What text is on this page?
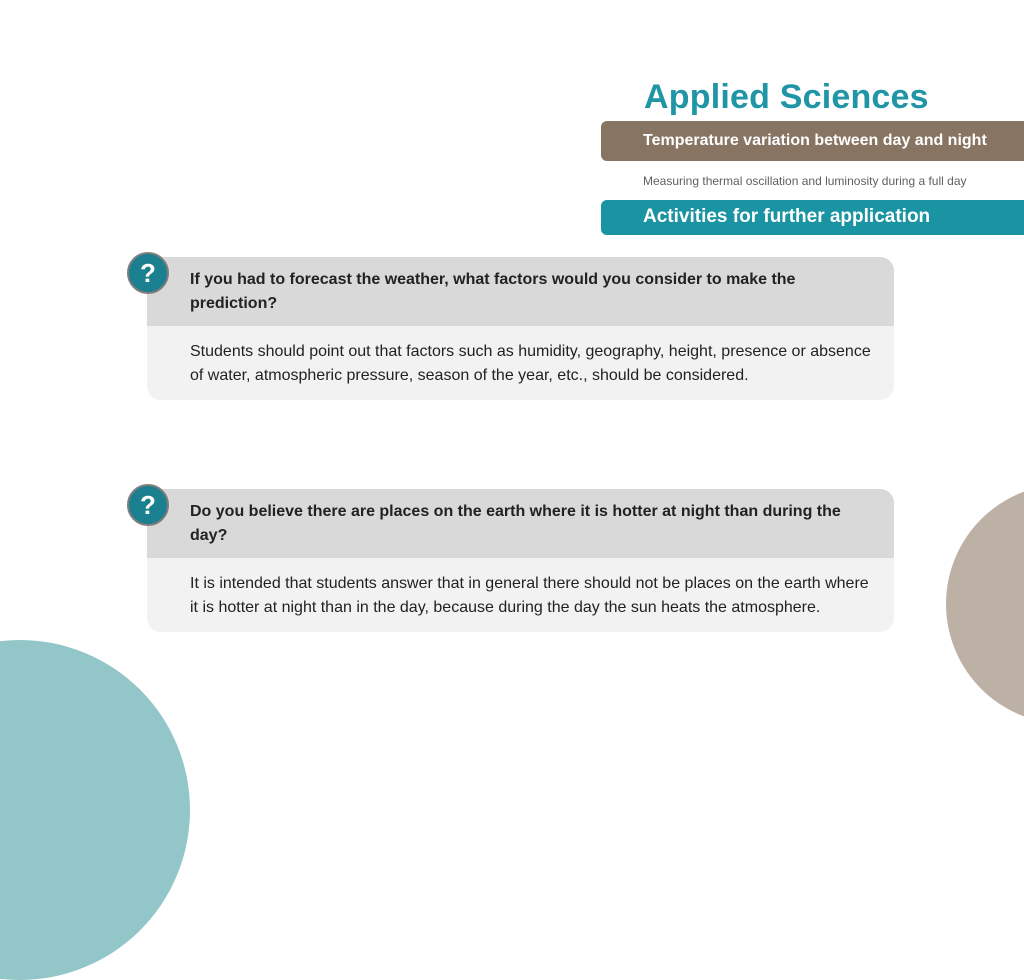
Applied Sciences
Temperature variation between day and night
Measuring thermal oscillation and luminosity during a full day
Activities for further application
?	If you had to forecast the weather, what factors would you consider to make the prediction?
Students should point out that factors such as humidity, geography, height, presence or absence of water, atmospheric pressure, season of the year, etc., should be considered.
?	Do you believe there are places on the earth where it is hotter at night than during the day?
It is intended that students answer that in general there should not be places on the earth where it is hotter at night than in the day, because during the day the sun heats the atmosphere.
